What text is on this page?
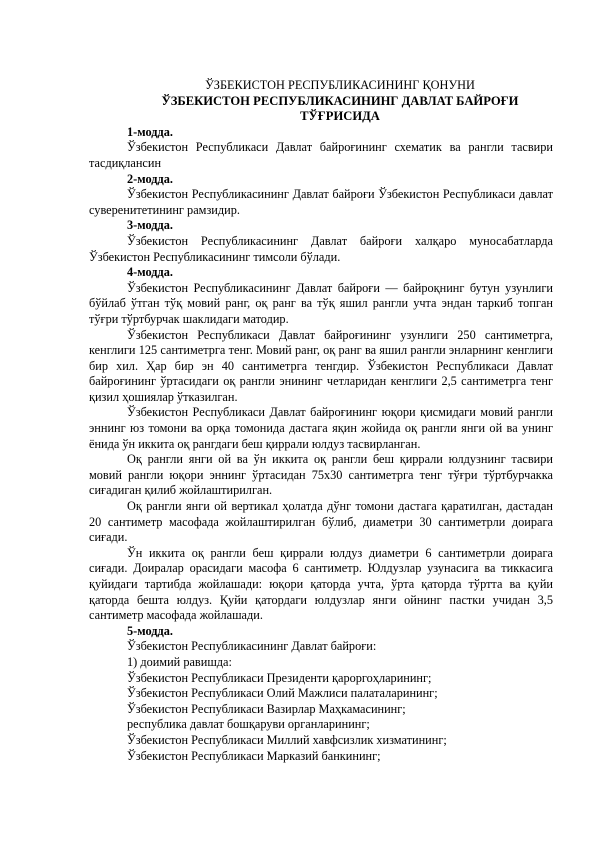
ЎЗБЕКИСТОН РЕСПУБЛИКАСИНИНГ ҚОНУНИ
ЎЗБЕКИСТОН РЕСПУБЛИКАСИНИНГ ДАВЛАТ БАЙРОҒИ
ТЎҒРИСИДА
1-модда.

Ўзбекистон Республикаси Давлат байроғининг схематик ва рангли тасвири тасдиқлансин

2-модда.

Ўзбекистон Республикасининг Давлат байроғи Ўзбекистон Республикаси давлат суверенитетининг рамзидир.

3-модда.

Ўзбекистон Республикасининг Давлат байроғи халқаро муносабатларда Ўзбекистон Республикасининг тимсоли бўлади.

4-модда.

Ўзбекистон Республикасининг Давлат байроғи — байроқнинг бутун узунлиги бўйлаб ўтган тўқ мовий ранг, оқ ранг ва тўқ яшил рангли учта эндан таркиб топган тўғри тўртбурчак шаклидаги матодир.

Ўзбекистон Республикаси Давлат байроғининг узунлиги 250 сантиметрга, кенглиги 125 сантиметрга тенг. Мовий ранг, оқ ранг ва яшил рангли энларнинг кенглиги бир хил. Ҳар бир эн 40 сантиметрга тенгдир. Ўзбекистон Республикаси Давлат байроғининг ўртасидаги оқ рангли энининг четларидан кенглиги 2,5 сантиметрга тенг қизил ҳошиялар ўтказилган.

Ўзбекистон Республикаси Давлат байроғининг юқори қисмидаги мовий рангли эннинг юз томони ва орқа томонида дастага яқин жойида оқ рангли янги ой ва унинг ёнида ўн иккита оқ рангдаги беш қиррали юлдуз тасвирланган.

Оқ рангли янги ой ва ўн иккита оқ рангли беш қиррали юлдузнинг тасвири мовий рангли юқори эннинг ўртасидан 75x30 сантиметрга тенг тўғри тўртбурчакка сиғадиган қилиб жойлаштирилган.

Оқ рангли янги ой вертикал ҳолатда дўнг томони дастага қаратилган, дастадан 20 сантиметр масофада жойлаштирилган бўлиб, диаметри 30 сантиметрли доирага сиғади.

Ўн иккита оқ рангли беш қиррали юлдуз диаметри 6 сантиметрли доирага сиғади. Доиралар орасидаги масофа 6 сантиметр. Юлдузлар узунасига ва тиккасига қуйидаги тартибда жойлашади: юқори қаторда учта, ўрта қаторда тўртта ва қуйи қаторда бешта юлдуз. Қуйи қатордаги юлдузлар янги ойнинг пастки учидан 3,5 сантиметр масофада жойлашади.

5-модда.
Ўзбекистон Республикасининг Давлат байроғи:
1) доимий равишда:
Ўзбекистон Республикаси Президенти қароргоҳларининг;
Ўзбекистон Республикаси Олий Мажлиси палаталарининг;
Ўзбекистон Республикаси Вазирлар Маҳкамасининг;
республика давлат бошқаруви органларининг;
Ўзбекистон Республикаси Миллий хавфсизлик хизматининг;
Ўзбекистон Республикаси Марказий банкининг;
